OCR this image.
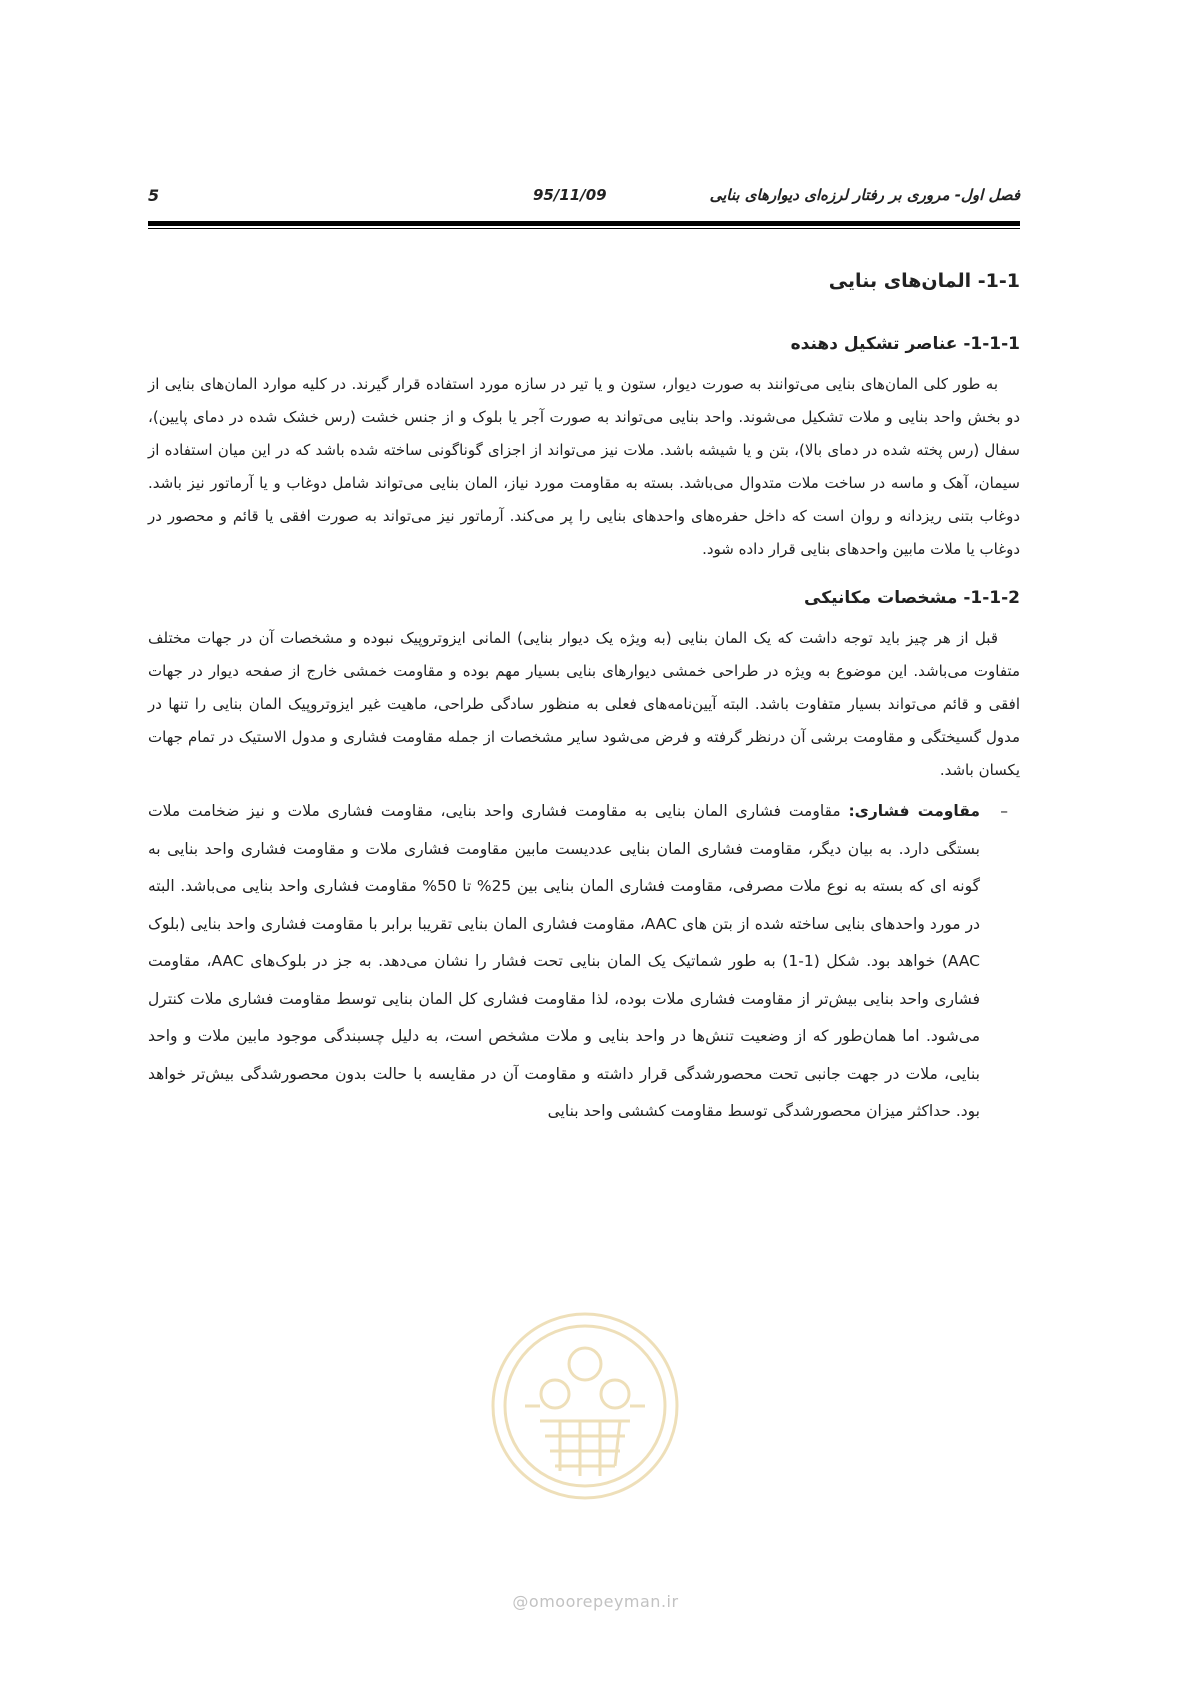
فصل اول- مروری بر رفتار لرزه‌ای دیوارهای بنایی
95/11/09
5
1-1- المان‌های بنایی
1-1-1- عناصر تشکیل دهنده

به طور کلی المان‌های بنایی می‌توانند به صورت دیوار، ستون و یا تیر در سازه مورد استفاده قرار گیرند. در کلیه موارد المان‌های بنایی از دو بخش واحد بنایی و ملات تشکیل می‌شوند. واحد بنایی می‌تواند به صورت آجر یا بلوک و از جنس خشت (رس خشک شده در دمای پایین)، سفال (رس پخته شده در دمای بالا)، بتن و یا شیشه باشد. ملات نیز می‌تواند از اجزای گوناگونی ساخته شده باشد که در این میان استفاده از سیمان، آهک و ماسه در ساخت ملات متدوال می‌باشد. بسته به مقاومت مورد نیاز، المان بنایی می‌تواند شامل دوغاب و یا آرماتور نیز باشد. دوغاب بتنی ریزدانه و روان است که داخل حفره‌های واحدهای بنایی را پر می‌کند. آرماتور نیز می‌تواند به صورت افقی یا قائم و محصور در دوغاب یا ملات مابین واحدهای بنایی قرار داده شود.

1-1-2- مشخصات مکانیکی

قبل از هر چیز باید توجه داشت که یک المان بنایی (به ویژه یک دیوار بنایی) المانی ایزوتروپیک نبوده و مشخصات آن در جهات مختلف متفاوت می‌باشد. این موضوع به ویژه در طراحی خمشی دیوارهای بنایی بسیار مهم بوده و مقاومت خمشی خارج از صفحه دیوار در جهات افقی و قائم می‌تواند بسیار متفاوت باشد. البته آیین‌نامه‌های فعلی به منظور سادگی طراحی، ماهیت غیر ایزوتروپیک المان بنایی را تنها در مدول گسیختگی و مقاومت برشی آن درنظر گرفته و فرض می‌شود سایر مشخصات از جمله مقاومت فشاری و مدول الاستیک در تمام جهات یکسان باشد.

–
مقاومت فشاری: مقاومت فشاری المان بنایی به مقاومت فشاری واحد بنایی، مقاومت فشاری ملات و نیز ضخامت ملات بستگی دارد. به بیان دیگر، مقاومت فشاری المان بنایی عددیست مابین مقاومت فشاری ملات و مقاومت فشاری واحد بنایی به گونه ای که بسته به نوع ملات مصرفی، مقاومت فشاری المان بنایی بین 25% تا 50% مقاومت فشاری واحد بنایی می‌باشد. البته در مورد واحدهای بنایی ساخته شده از بتن های AAC، مقاومت فشاری المان بنایی تقریبا برابر با مقاومت فشاری واحد بنایی (بلوک AAC) خواهد بود. شکل (1-1) به طور شماتیک یک المان بنایی تحت فشار را نشان می‌دهد. به جز در بلوک‌های AAC، مقاومت فشاری واحد بنایی بیش‌تر از مقاومت فشاری ملات بوده، لذا مقاومت فشاری کل المان بنایی توسط مقاومت فشاری ملات کنترل می‌شود. اما همان‌طور که از وضعیت تنش‌ها در واحد بنایی و ملات مشخص است، به دلیل چسبندگی موجود مابین ملات و واحد بنایی، ملات در جهت جانبی تحت محصورشدگی قرار داشته و مقاومت آن در مقایسه با حالت بدون محصورشدگی بیش‌تر خواهد بود. حداکثر میزان محصورشدگی توسط مقاومت کششی واحد بنایی
@omoorepeyman.ir
